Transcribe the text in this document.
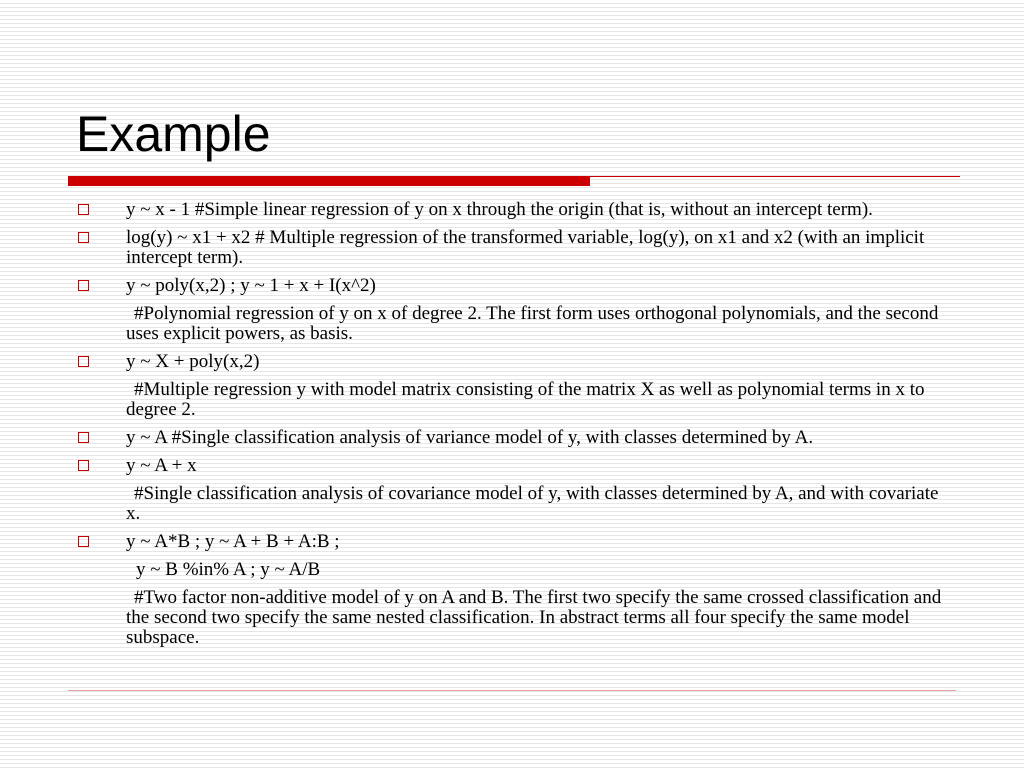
Example
y ~ x - 1 #Simple linear regression of y on x through the origin (that is, without an intercept term).
log(y) ~ x1 + x2 # Multiple regression of the transformed variable, log(y), on x1 and x2 (with an implicit intercept term).
y ~ poly(x,2) ; y ~ 1 + x + I(x^2)
#Polynomial regression of y on x of degree 2. The first form uses orthogonal polynomials, and the second uses explicit powers, as basis.
y ~ X + poly(x,2)
#Multiple regression y with model matrix consisting of the matrix X as well as polynomial terms in x to degree 2.
y ~ A #Single classification analysis of variance model of y, with classes determined by A.
y ~ A + x
#Single classification analysis of covariance model of y, with classes determined by A, and with covariate x.
y ~ A*B ; y ~ A + B + A:B ;
y ~ B %in% A ; y ~ A/B
#Two factor non-additive model of y on A and B. The first two specify the same crossed classification and the second two specify the same nested classification. In abstract terms all four specify the same model subspace.
